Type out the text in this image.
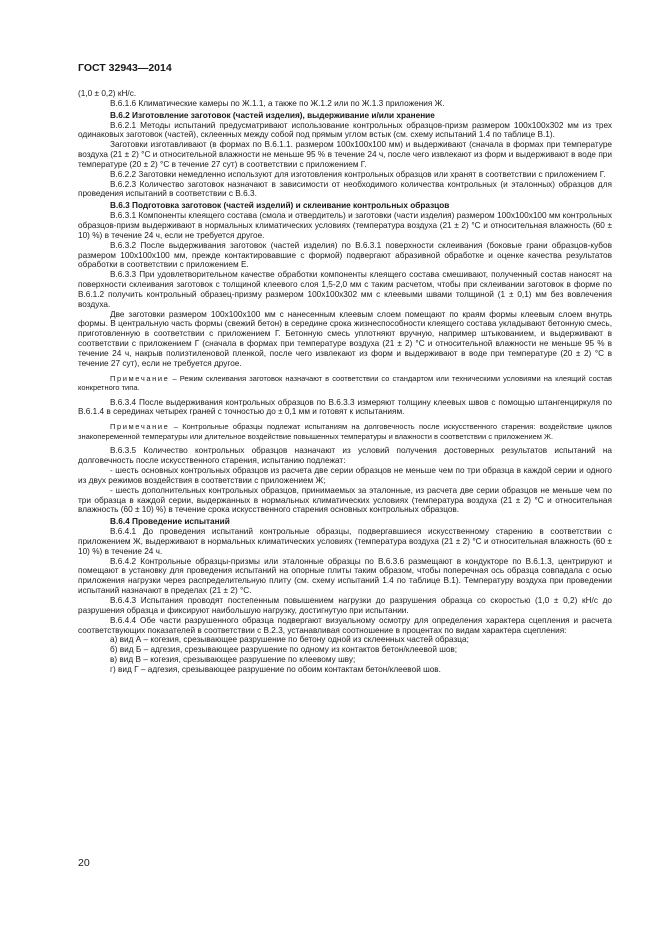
ГОСТ 32943—2014

(1,0 ± 0,2) кН/с.

В.6.1.6 Климатические камеры по Ж.1.1, а также по Ж.1.2 или по Ж.1.3 приложения Ж.

В.6.2 Изготовление заготовок (частей изделия), выдерживание и/или хранение

В.6.2.1 Методы испытаний предусматривают использование контрольных образцов-призм размером 100х100х302 мм из трех одинаковых заготовок (частей), склеенных между собой под прямым углом встык (см. схему испытаний 1.4 по таблице В.1).

Заготовки изготавливают (в формах по В.6.1.1. размером 100х100х100 мм) и выдерживают (сначала в формах при температуре воздуха (21 ± 2) °С и относительной влажности не меньше 95 % в течение 24 ч, после чего извлекают из форм и выдерживают в воде при температуре (20 ± 2) °С в течение 27 сут) в соответствии с приложением Г.

В.6.2.2 Заготовки немедленно используют для изготовления контрольных образцов или хранят в соответствии с приложением Г.

В.6.2.3 Количество заготовок назначают в зависимости от необходимого количества контрольных (и эталонных) образцов для проведения испытаний в соответствии с В.6.3.

В.6.3 Подготовка заготовок (частей изделий) и склеивание контрольных образцов

В.6.3.1 Компоненты клеящего состава (смола и отвердитель) и заготовки (части изделия) размером 100х100х100 мм контрольных образцов-призм выдерживают в нормальных климатических условиях (температура воздуха (21 ± 2) °С и относительная влажность (60 ± 10) %) в течение 24 ч, если не требуется другое.

В.6.3.2 После выдерживания заготовок (частей изделия) по В.6.3.1 поверхности склеивания (боковые грани образцов-кубов размером 100х100х100 мм, прежде контактировавшие с формой) подвергают абразивной обработке и оценке качества результатов обработки в соответствии с приложением Е.

В.6.3.3 При удовлетворительном качестве обработки компоненты клеящего состава смешивают, полученный состав наносят на поверхности склеивания заготовок с толщиной клеевого слоя 1,5-2,0 мм с таким расчетом, чтобы при склеивании заготовок в форме по В.6.1.2 получить контрольный образец-призму размером 100х100х302 мм с клеевыми швами толщиной (1 ± 0,1) мм без вовлечения воздуха.

Две заготовки размером 100х100х100 мм с нанесенным клеевым слоем помещают по краям формы клеевым слоем внутрь формы. В центральную часть формы (свежий бетон) в середине срока жизнеспособности клеящего состава укладывают бетонную смесь, приготовленную в соответствии с приложением Г. Бетонную смесь уплотняют вручную, например штыкованием, и выдерживают в соответствии с приложением Г (сначала в формах при температуре воздуха (21 ± 2) °С и относительной влажности не меньше 95 % в течение 24 ч, накрыв полиэтиленовой пленкой, после чего извлекают из форм и выдерживают в воде при температуре (20 ± 2) °С в течение 27 сут), если не требуется другое.

Примечание – Режим склеивания заготовок назначают в соответствии со стандартом или техническими условиями на клеящий состав конкретного типа.

В.6.3.4 После выдерживания контрольных образцов по В.6.3.3 измеряют толщину клеевых швов с помощью штангенциркуля по В.6.1.4 в серединах четырех граней с точностью до ± 0,1 мм и готовят к испытаниям.

Примечание – Контрольные образцы подлежат испытаниям на долговечность после искусственного старения: воздействие циклов знакопеременной температуры или длительное воздействие повышенных температуры и влажности в соответствии с приложением Ж.

В.6.3.5 Количество контрольных образцов назначают из условий получения достоверных результатов испытаний на долговечность после искусственного старения, испытанию подлежат:

- шесть основных контрольных образцов из расчета две серии образцов не меньше чем по три образца в каждой серии и одного из двух режимов воздействия в соответствии с приложением Ж;

- шесть дополнительных контрольных образцов, принимаемых за эталонные, из расчета две серии образцов не меньше чем по три образца в каждой серии, выдержанных в нормальных климатических условиях (температура воздуха (21 ± 2) °С и относительная влажность (60 ± 10) %) в течение срока искусственного старения основных контрольных образцов.

В.6.4 Проведение испытаний

В.6.4.1 До проведения испытаний контрольные образцы, подвергавшиеся искусственному старению в соответствии с приложением Ж, выдерживают в нормальных климатических условиях (температура воздуха (21 ± 2) °С и относительная влажность (60 ± 10) %) в течение 24 ч.

В.6.4.2 Контрольные образцы-призмы или эталонные образцы по В.6.3.6 размещают в кондукторе по В.6.1.3, центрируют и помещают в установку для проведения испытаний на опорные плиты таким образом, чтобы поперечная ось образца совпадала с осью приложения нагрузки через распределительную плиту (см. схему испытаний 1.4 по таблице В.1). Температуру воздуха при проведении испытаний назначают в пределах (21 ± 2) °С.

В.6.4.3 Испытания проводят постепенным повышением нагрузки до разрушения образца со скоростью (1,0 ± 0,2) кН/с до разрушения образца и фиксируют наибольшую нагрузку, достигнутую при испытании.

В.6.4.4 Обе части разрушенного образца подвергают визуальному осмотру для определения характера сцепления и расчета соответствующих показателей в соответствии с В.2.3, устанавливая соотношение в процентах по видам характера сцепления:

а) вид А – когезия, срезывающее разрушение по бетону одной из склеенных частей образца;

б) вид Б – адгезия, срезывающее разрушение по одному из контактов бетон/клеевой шов;

в) вид В – когезия, срезывающее разрушение по клеевому шву;

г) вид Г – адгезия, срезывающее разрушение по обоим контактам бетон/клеевой шов.

20
